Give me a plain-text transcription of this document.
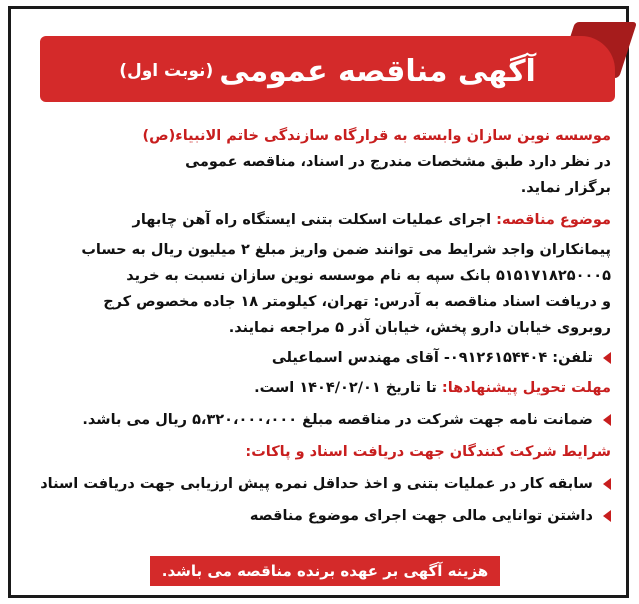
آگهی مناقصه عمومی
(نوبت اول)
موسسه نوین سازان وابسته به قرارگاه سازندگی خاتم الانبیاء(ص)
در نظر دارد طبق مشخصات مندرج در اسناد، مناقصه عمومی
برگزار نماید.
موضوع مناقصه: اجرای عملیات اسکلت بتنی ایستگاه راه آهن چابهار
پیمانکاران واجد شرایط می توانند ضمن واریز مبلغ ۲ میلیون ریال به حساب
۵۱۵۱۷۱۸۲۵۰۰۰۵ بانک سپه به نام موسسه نوین سازان نسبت به خرید
و دریافت اسناد مناقصه به آدرس: تهران، کیلومتر ۱۸ جاده مخصوص کرج
روبروی خیابان دارو پخش، خیابان آذر ۵ مراجعه نمایند.
تلفن: ۰۹۱۲۶۱۵۴۴۰۴- آقای مهندس اسماعیلی
مهلت تحویل پیشنهادها: تا تاریخ ۱۴۰۴/۰۲/۰۱ است.
ضمانت نامه جهت شرکت در مناقصه مبلغ ۵،۳۲۰،۰۰۰،۰۰۰ ریال می باشد.
شرایط شرکت کنندگان جهت دریافت اسناد و پاکات:
سابقه کار در عملیات بتنی و اخذ حداقل نمره پیش ارزیابی جهت دریافت اسناد
داشتن توانایی مالی جهت اجرای موضوع مناقصه
هزینه آگهی بر عهده برنده مناقصه می باشد.
